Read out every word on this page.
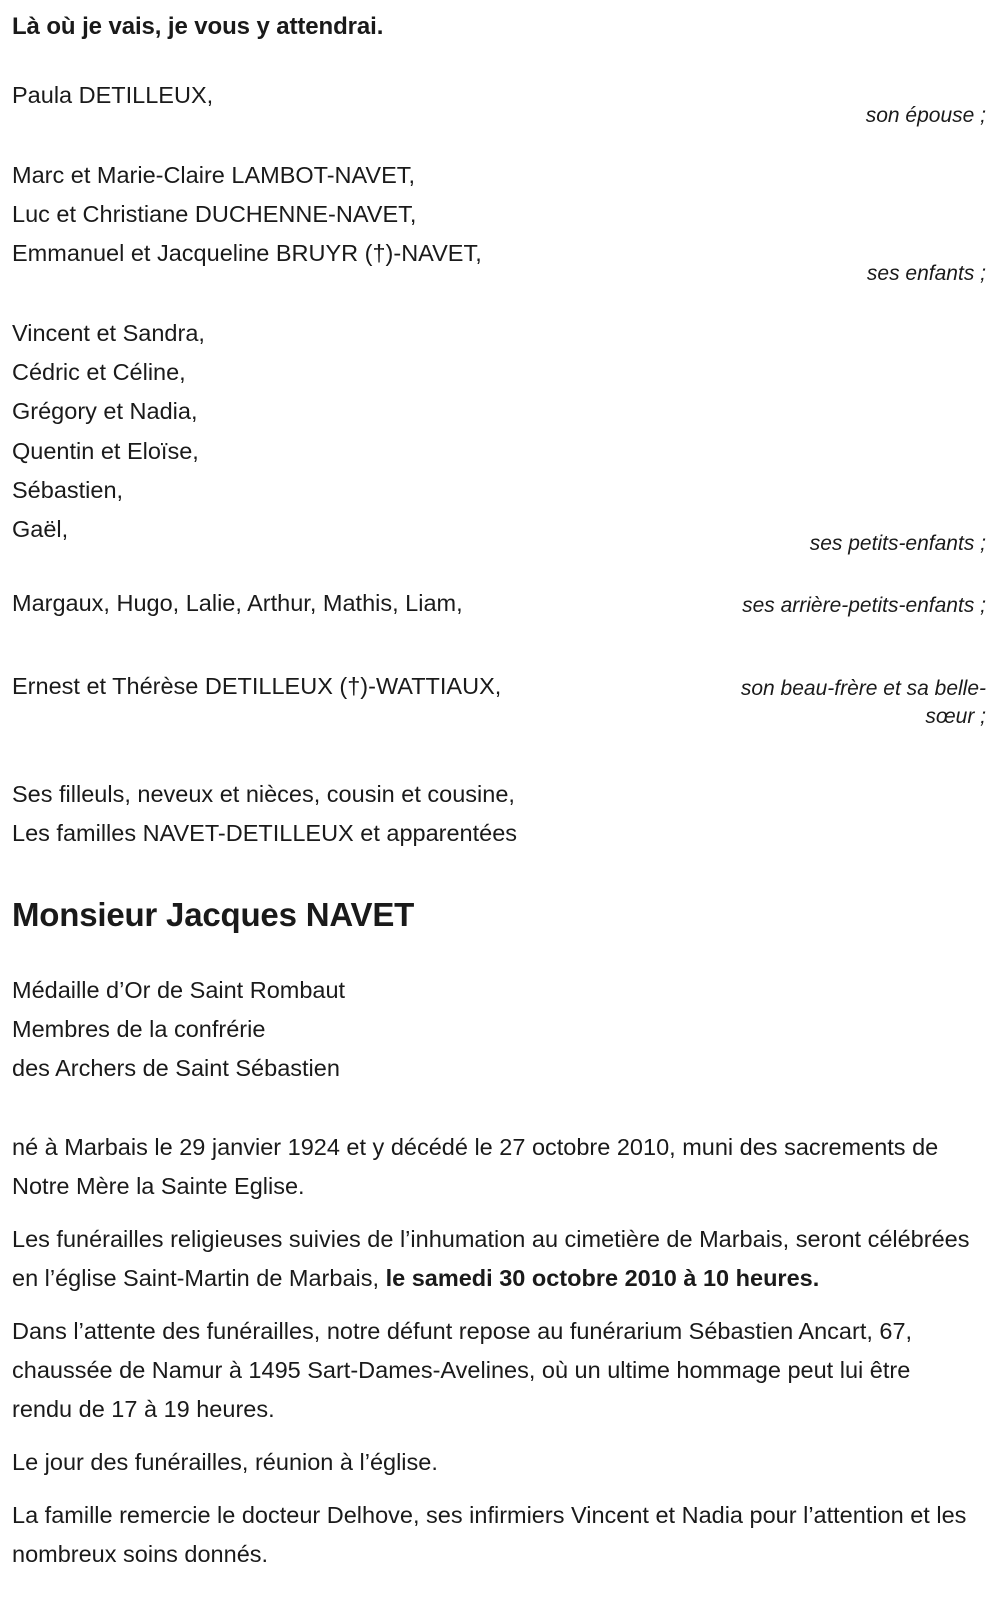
Là où je vais, je vous y attendrai.
Paula DETILLEUX,
son épouse ;
Marc et Marie-Claire LAMBOT-NAVET,
Luc et Christiane DUCHENNE-NAVET,
Emmanuel et Jacqueline BRUYR (†)-NAVET,
ses enfants ;
Vincent et Sandra,
Cédric et Céline,
Grégory et Nadia,
Quentin et Eloïse,
Sébastien,
Gaël,
ses petits-enfants ;
Margaux, Hugo, Lalie, Arthur, Mathis, Liam,	ses arrière-petits-enfants ;
Ernest et Thérèse DETILLEUX (†)-WATTIAUX,	son beau-frère et sa belle-sœur ;
Ses filleuls, neveux et nièces, cousin et cousine,
Les familles NAVET-DETILLEUX et apparentées
Monsieur Jacques NAVET
Médaille d’Or de Saint Rombaut
Membres de la confrérie
des Archers de Saint Sébastien

né à Marbais le 29 janvier 1924 et y décédé le 27 octobre 2010, muni des sacrements de Notre Mère la Sainte Eglise.

Les funérailles religieuses suivies de l’inhumation au cimetière de Marbais, seront célébrées en l’église Saint-Martin de Marbais, le samedi 30 octobre 2010 à 10 heures.

Dans l’attente des funérailles, notre défunt repose au funérarium Sébastien Ancart, 67, chaussée de Namur à 1495 Sart-Dames-Avelines, où un ultime hommage peut lui être rendu de 17 à 19 heures.

Le jour des funérailles, réunion à l’église.

La famille remercie le docteur Delhove, ses infirmiers Vincent et Nadia pour l’attention et les nombreux soins donnés.
